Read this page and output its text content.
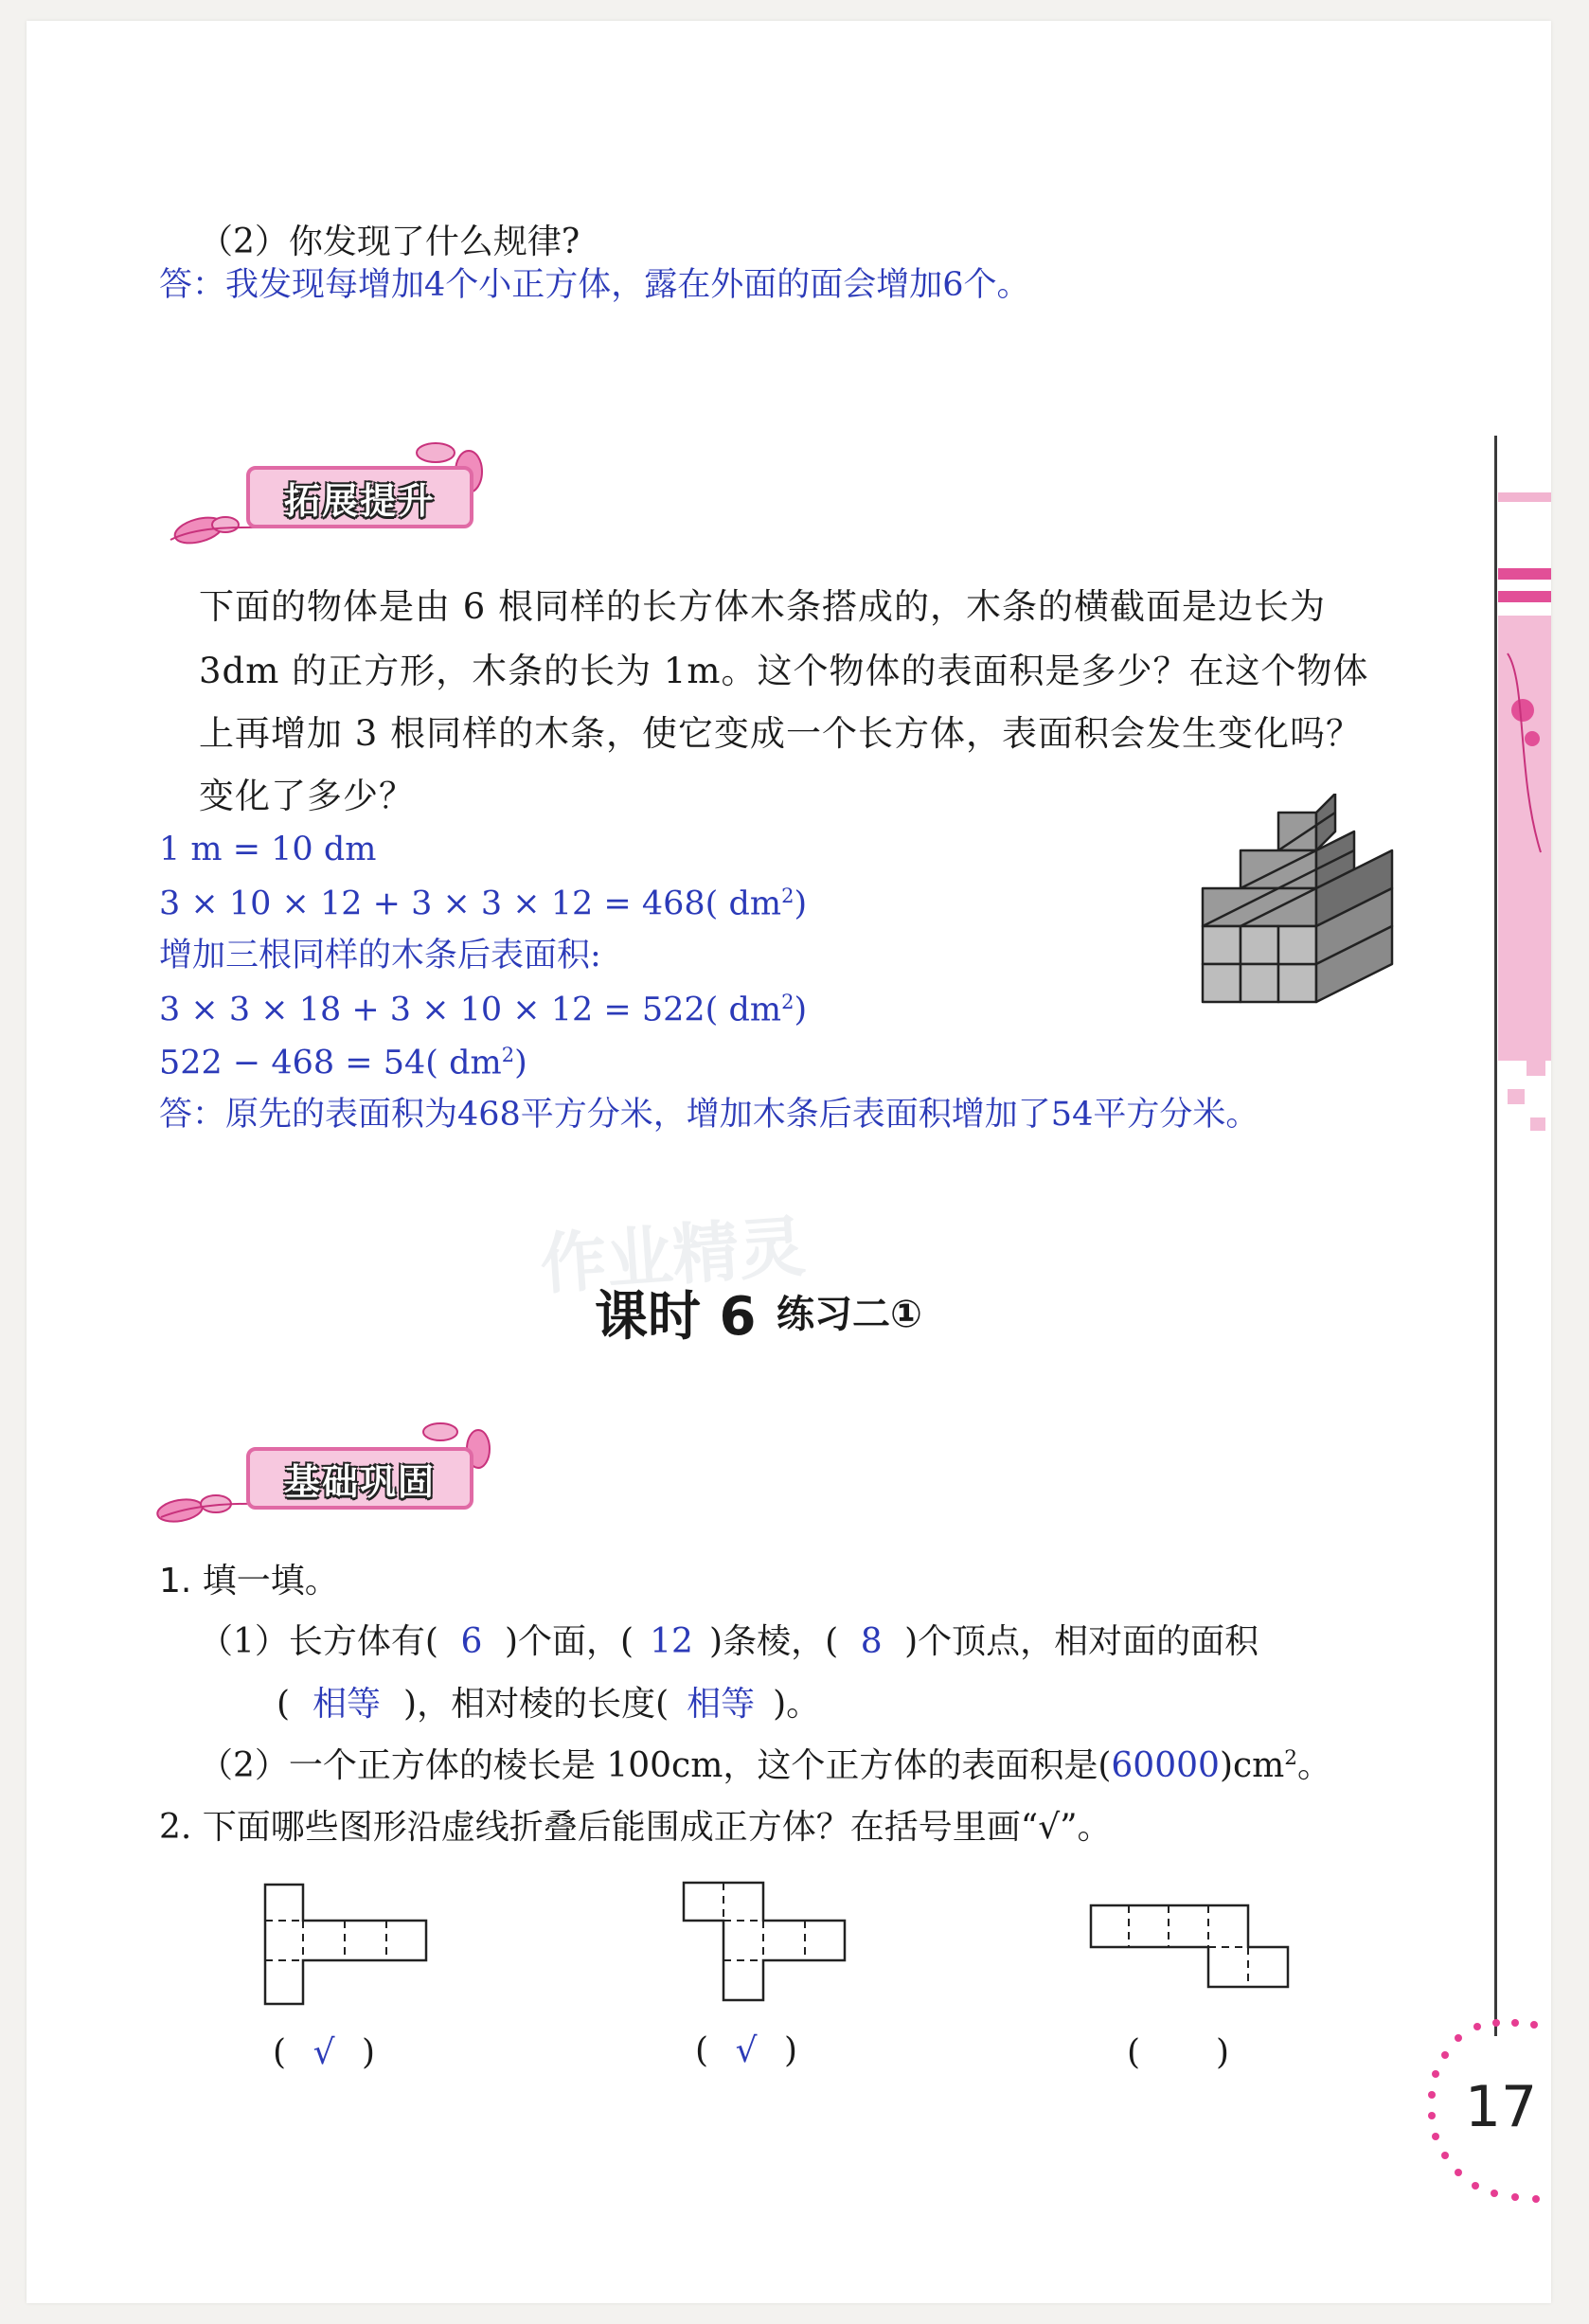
（2）你发现了什么规律?
答：我发现每增加4个小正方体，露在外面的面会增加6个。
拓展提升
下面的物体是由 6 根同样的长方体木条搭成的，木条的横截面是边长为
3dm 的正方形，木条的长为 1m。这个物体的表面积是多少？在这个物体
上再增加 3 根同样的木条，使它变成一个长方体，表面积会发生变化吗？
变化了多少？
1 m = 10 dm
3 × 10 × 12 + 3 × 3 × 12 = 468( $dm^2$)
增加三根同样的木条后表面积:
3 × 3 × 18 + 3 × 10 × 12 = 522( $dm^2$)
522 − 468 = 54( $dm^2$)
答：原先的表面积为468平方分米，增加木条后表面积增加了54平方分米。
作业精灵
课时 6 练习二①
基础巩固
1. 填一填。
（1）长方体有( 6 )个面，( 12 )条棱，( 8 )个顶点，相对面的面积
( 相等 )，相对棱的长度( 相等 )。
（2）一个正方体的棱长是 100cm，这个正方体的表面积是$(60000)cm^2$。
2. 下面哪些图形沿虚线折叠后能围成正方体？在括号里画“√”。
( √ )	( √ )	( )
17
